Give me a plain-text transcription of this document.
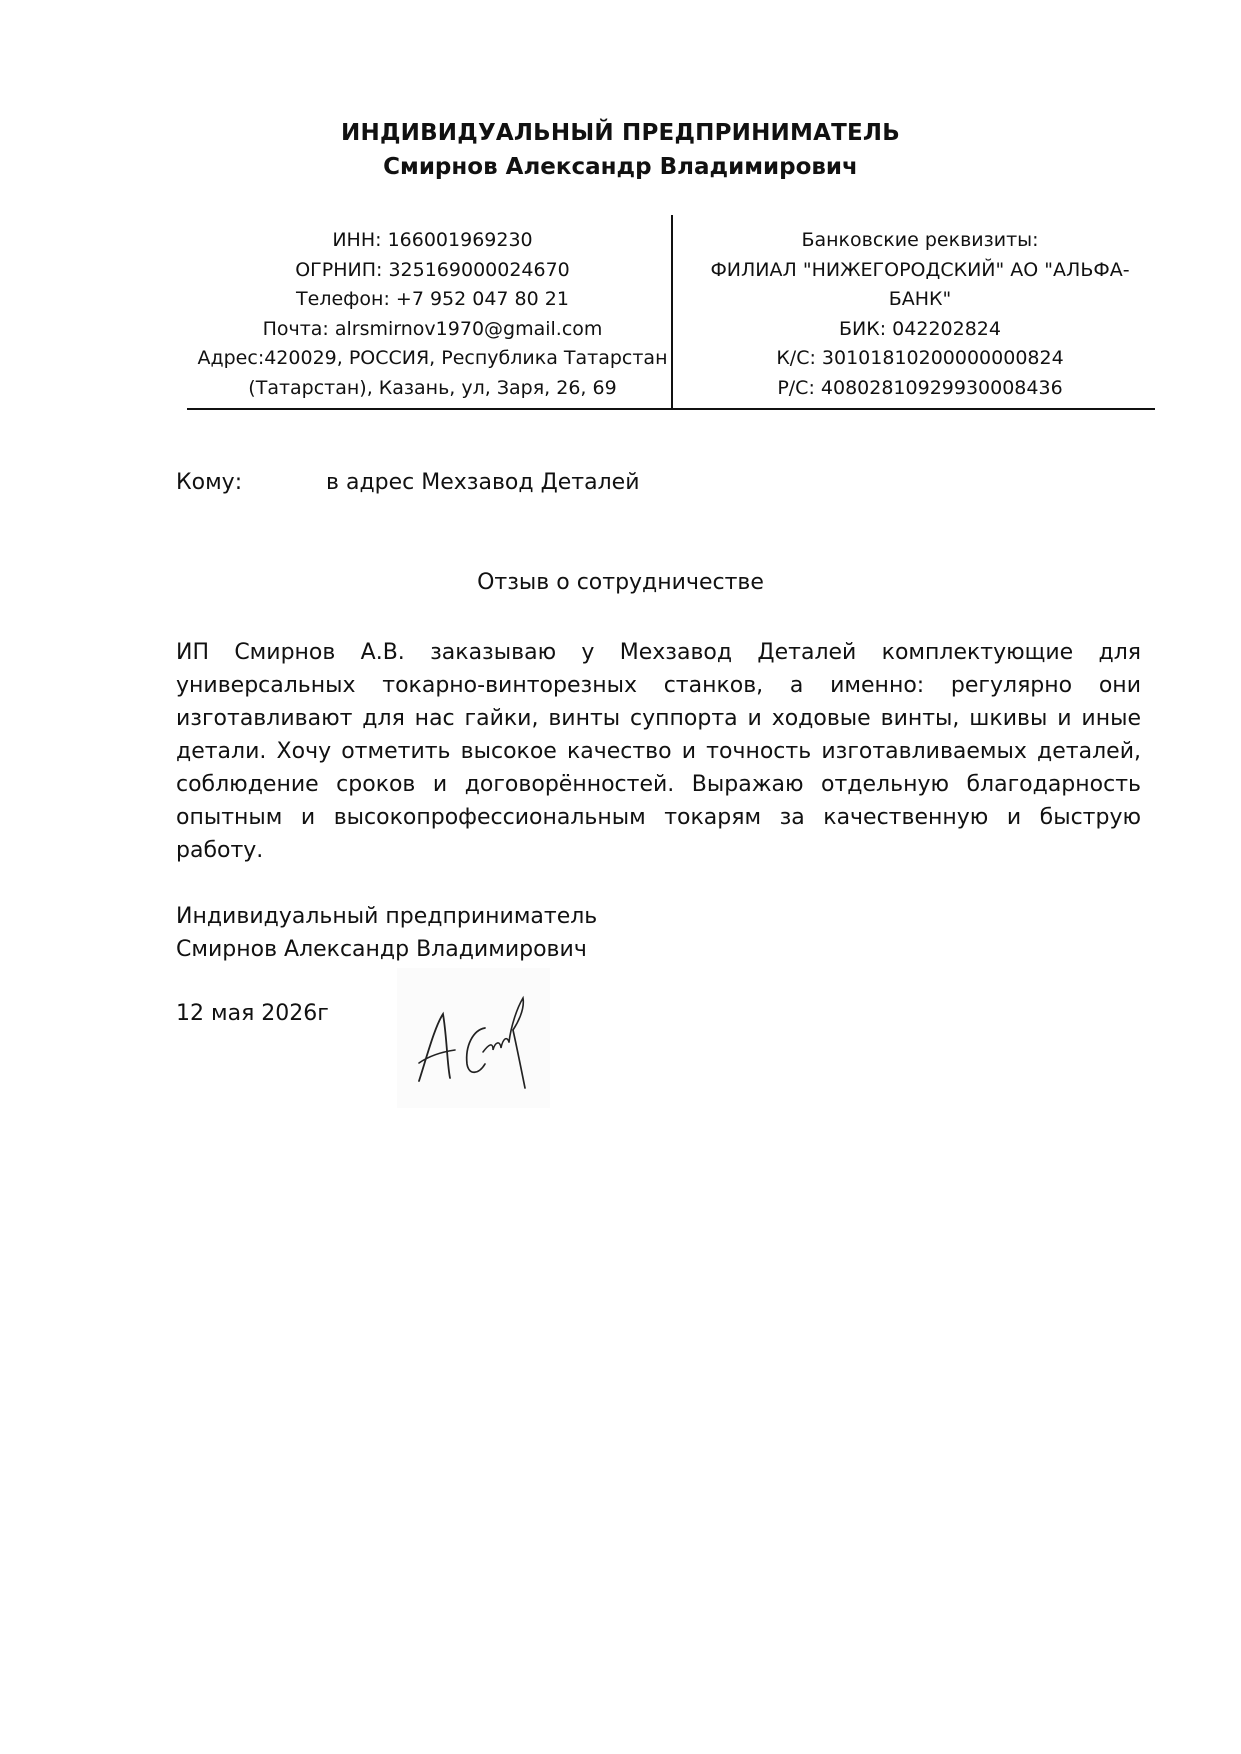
ИНДИВИДУАЛЬНЫЙ ПРЕДПРИНИМАТЕЛЬ
Смирнов Александр Владимирович
ИНН: 166001969230
ОГРНИП: 325169000024670
Телефон: +7 952 047 80 21
Почта: alrsmirnov1970@gmail.com
Адрес:420029, РОССИЯ, Республика Татарстан
(Татарстан), Казань, ул, Заря, 26, 69
Банковские реквизиты:
ФИЛИАЛ "НИЖЕГОРОДСКИЙ" АО "АЛЬФА-
БАНК"
БИК: 042202824
К/С: 30101810200000000824
Р/С: 40802810929930008436
Кому:	в адрес Мехзавод Деталей
Отзыв о сотрудничестве
ИП Смирнов А.В. заказываю у Мехзавод Деталей комплектующие для универсальных токарно-винторезных станков, а именно: регулярно они изготавливают для нас гайки, винты суппорта и ходовые винты, шкивы и иные детали. Хочу отметить высокое качество и точность изготавливаемых деталей, соблюдение сроков и договорённостей. Выражаю отдельную благодарность опытным и высокопрофессиональным токарям за качественную и быструю работу.
Индивидуальный предприниматель
Смирнов Александр Владимирович
12 мая 2026г
